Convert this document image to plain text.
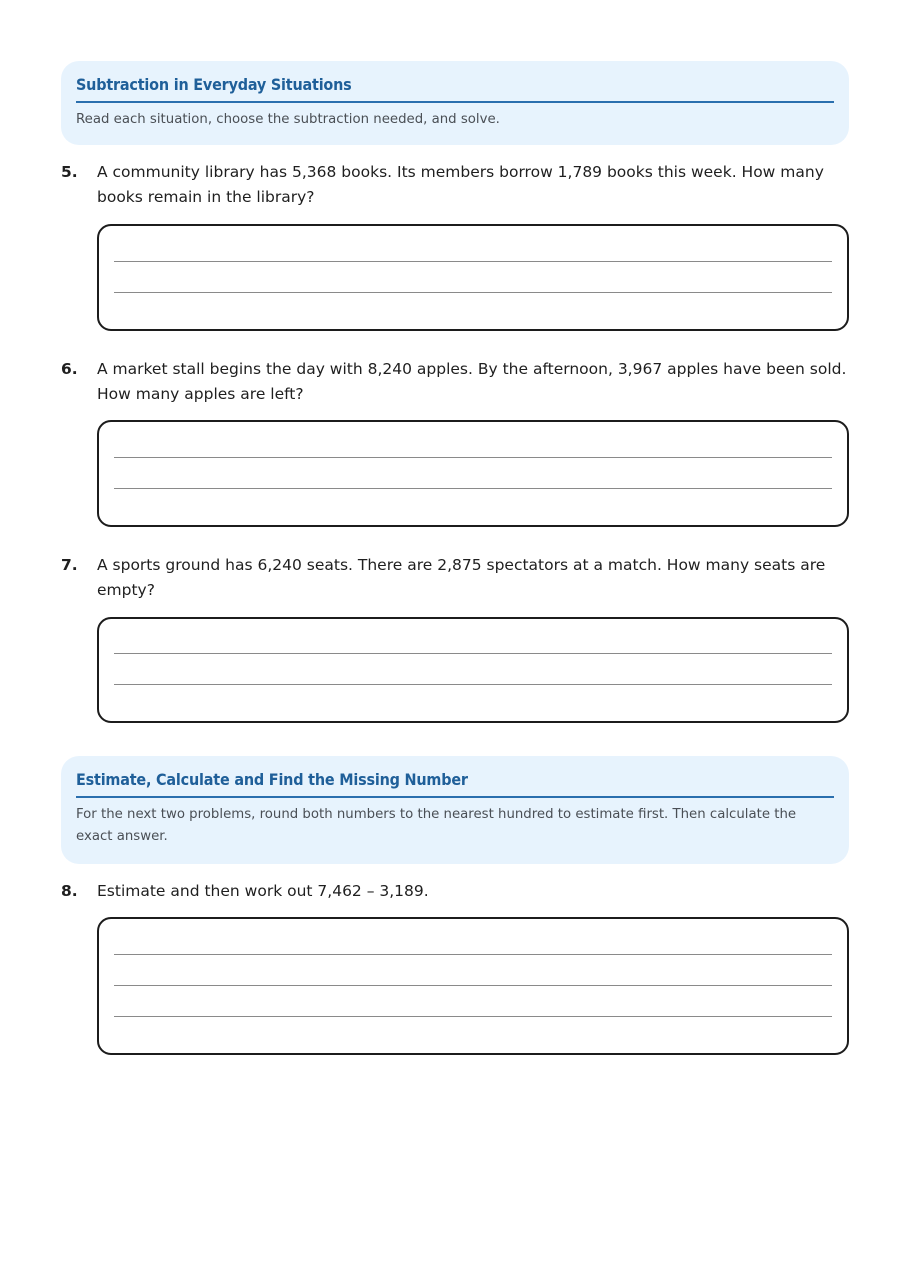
Subtraction in Everyday Situations
Read each situation, choose the subtraction needed, and solve.
5. A community library has 5,368 books. Its members borrow 1,789 books this week. How many books remain in the library?
6. A market stall begins the day with 8,240 apples. By the afternoon, 3,967 apples have been sold. How many apples are left?
7. A sports ground has 6,240 seats. There are 2,875 spectators at a match. How many seats are empty?
Estimate, Calculate and Find the Missing Number
For the next two problems, round both numbers to the nearest hundred to estimate first. Then calculate the exact answer.
8. Estimate and then work out 7,462 – 3,189.
